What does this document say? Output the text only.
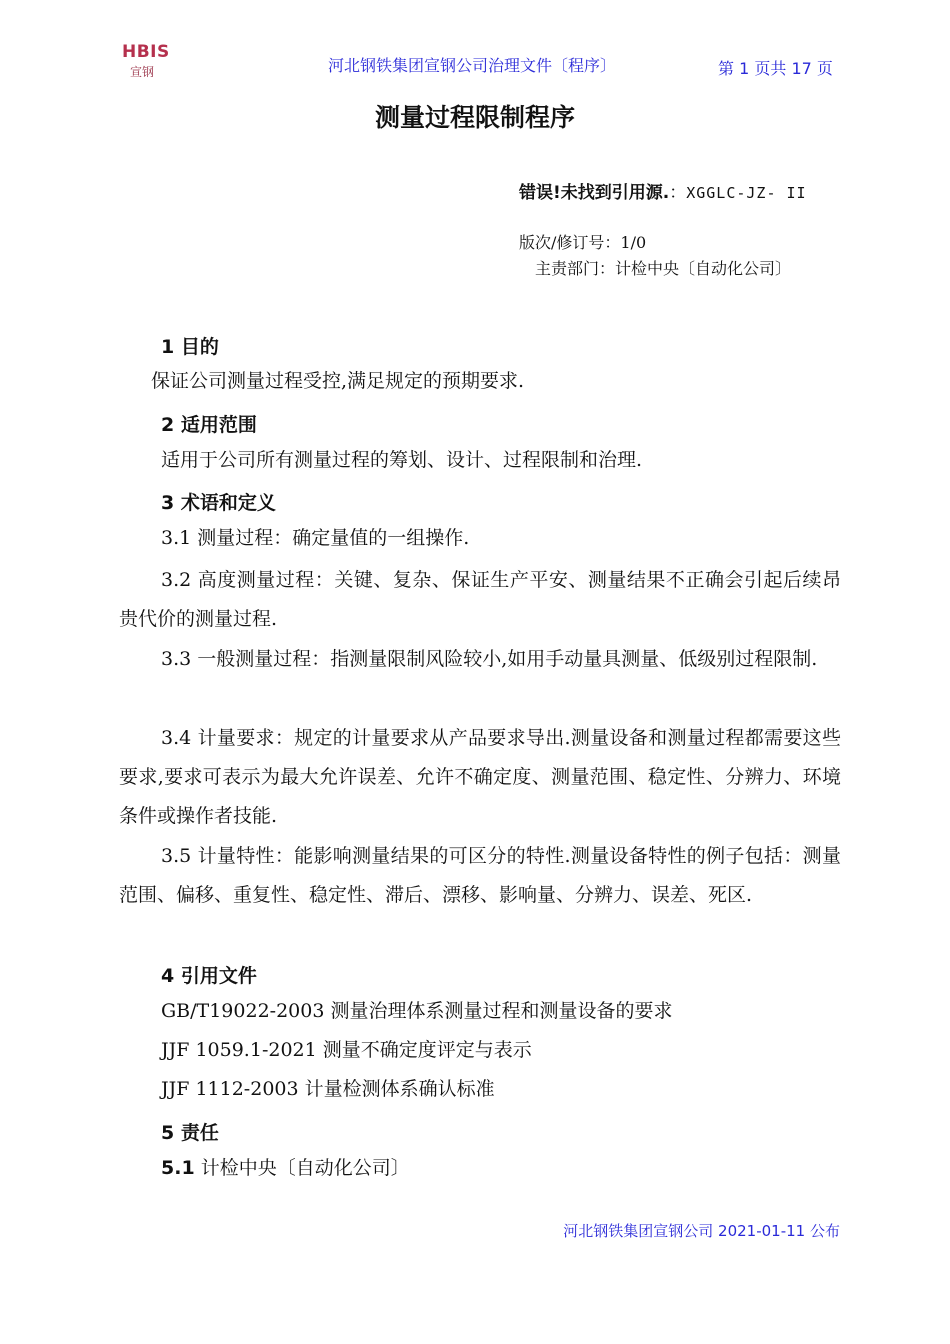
HBIS
宣钢	河北钢铁集团宣钢公司治理文件〔程序〕	第 1 页共 17 页
测量过程限制程序
错误!未找到引用源.：XGGLC-JZ- II
版次/修订号：1/0
主责部门：计检中央〔自动化公司〕
1 目的
保证公司测量过程受控,满足规定的预期要求.
2 适用范围
适用于公司所有测量过程的筹划、设计、过程限制和治理.
3 术语和定义
3.1 测量过程：确定量值的一组操作.
3.2 高度测量过程：关键、复杂、保证生产平安、测量结果不正确会引起后续昂贵代价的测量过程.
3.3 一般测量过程：指测量限制风险较小,如用手动量具测量、低级别过程限制.
3.4 计量要求：规定的计量要求从产品要求导出.测量设备和测量过程都需要这些要求,要求可表示为最大允许误差、允许不确定度、测量范围、稳定性、分辨力、环境条件或操作者技能.
3.5 计量特性：能影响测量结果的可区分的特性.测量设备特性的例子包括：测量范围、偏移、重复性、稳定性、滞后、漂移、影响量、分辨力、误差、死区.
4 引用文件
GB/T19022-2003 测量治理体系测量过程和测量设备的要求
JJF 1059.1-2021 测量不确定度评定与表示
JJF 1112-2003 计量检测体系确认标准
5 责任
5.1 计检中央〔自动化公司〕
河北钢铁集团宣钢公司 2021-01-11 公布
